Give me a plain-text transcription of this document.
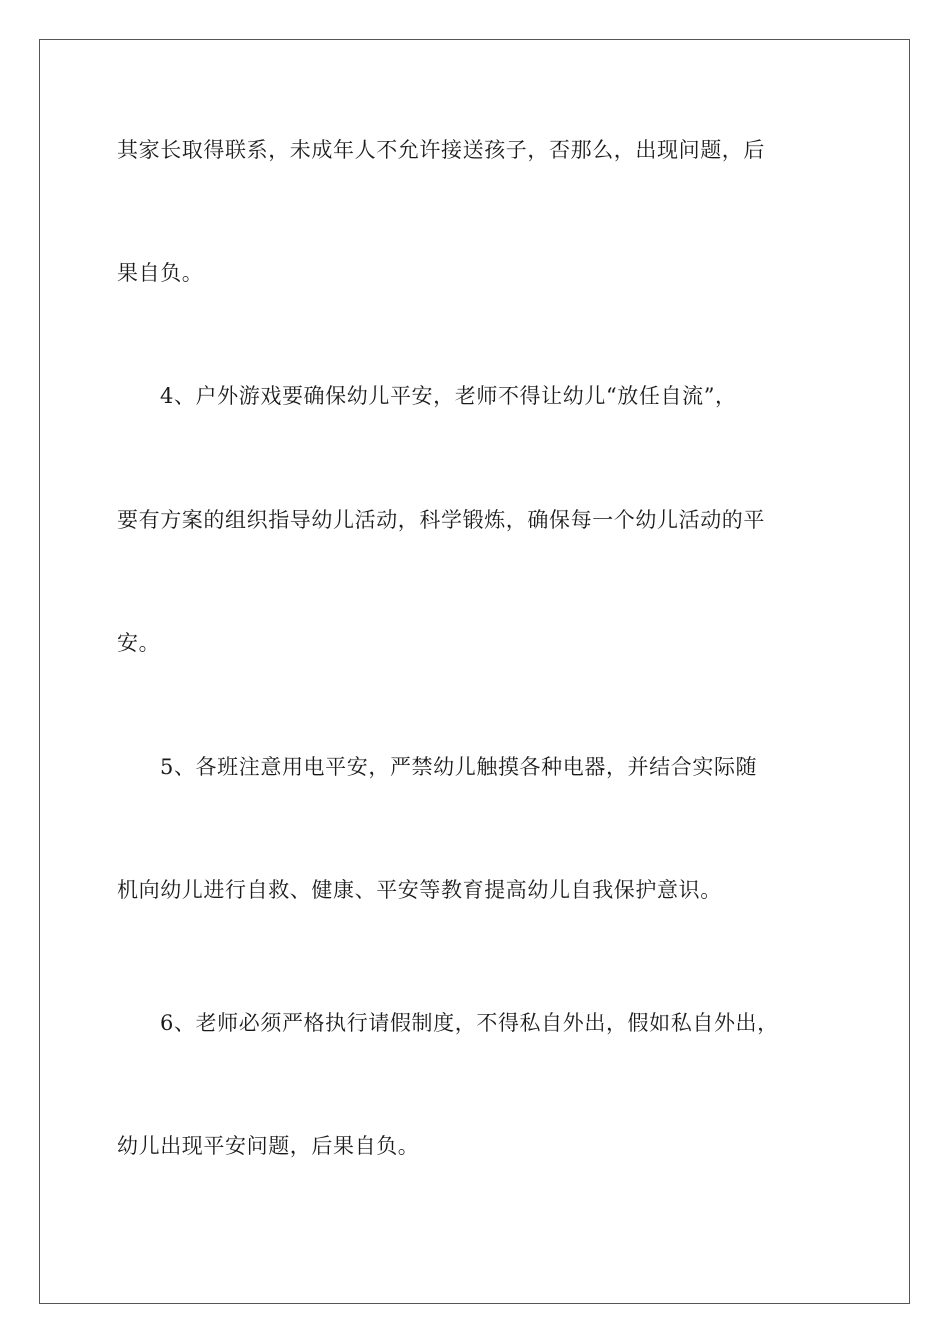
其家长取得联系，未成年人不允许接送孩子，否那么，出现问题，后
果自负。
4、户外游戏要确保幼儿平安，老师不得让幼儿“放任自流”，
要有方案的组织指导幼儿活动，科学锻炼，确保每一个幼儿活动的平
安。
5、各班注意用电平安，严禁幼儿触摸各种电器，并结合实际随
机向幼儿进行自救、健康、平安等教育提高幼儿自我保护意识。
6、老师必须严格执行请假制度，不得私自外出，假如私自外出，
幼儿出现平安问题，后果自负。
